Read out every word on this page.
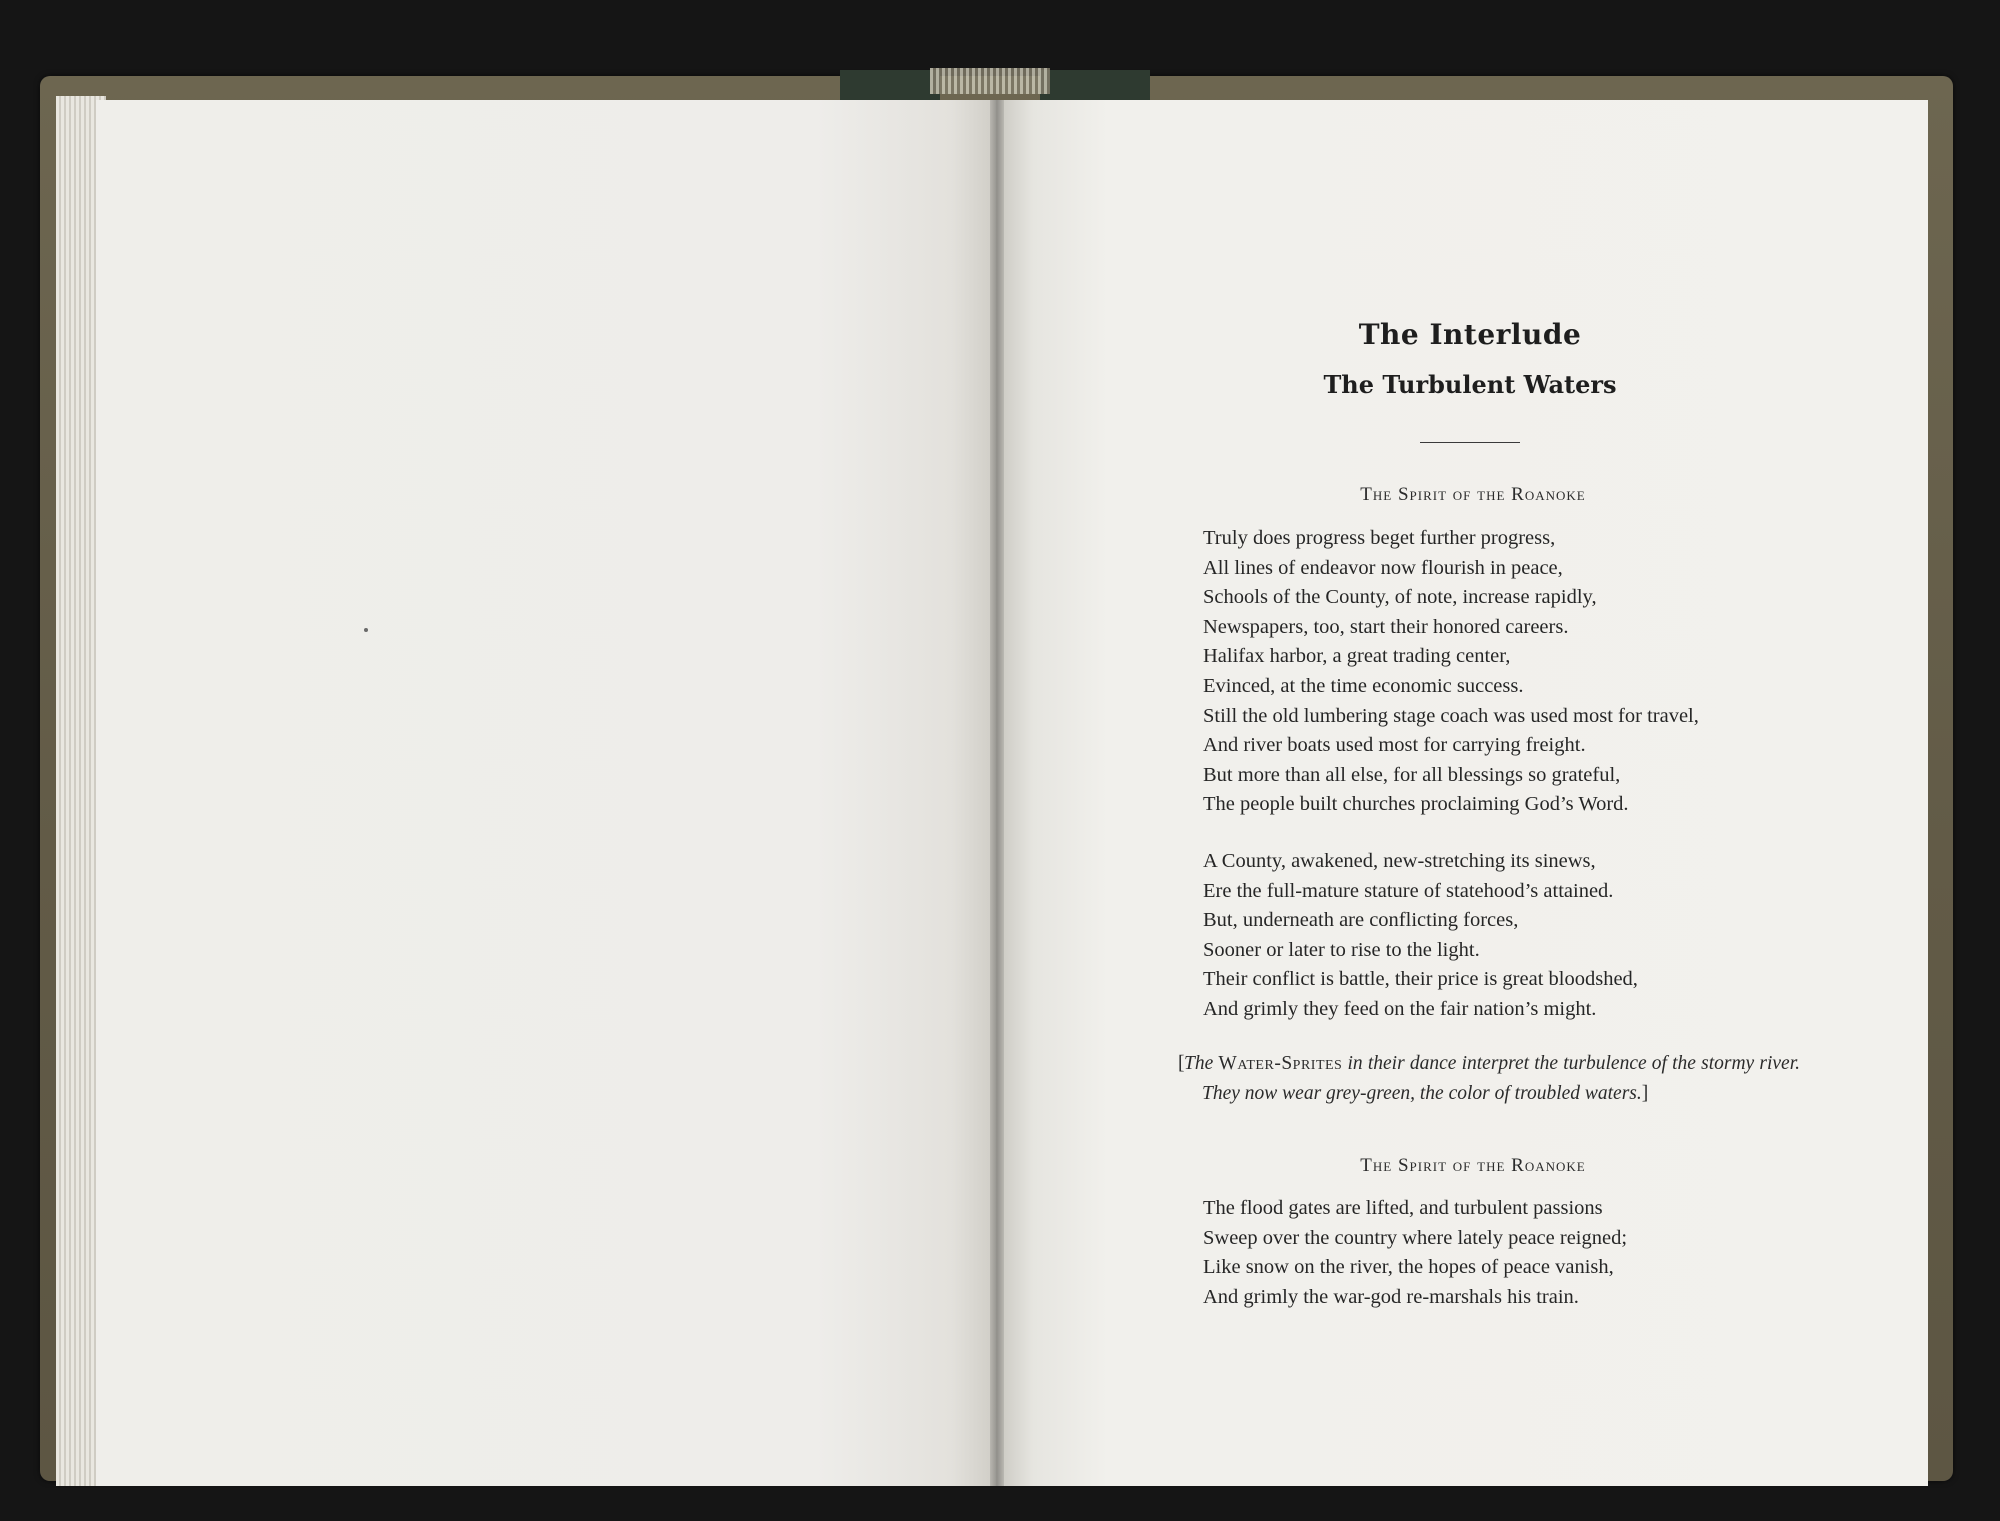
The Interlude
The Turbulent Waters
The Spirit of the Roanoke
Truly does progress beget further progress,
All lines of endeavor now flourish in peace,
Schools of the County, of note, increase rapidly,
Newspapers, too, start their honored careers.
Halifax harbor, a great trading center,
Evinced, at the time economic success.
Still the old lumbering stage coach was used most for travel,
And river boats used most for carrying freight.
But more than all else, for all blessings so grateful,
The people built churches proclaiming God’s Word.
A County, awakened, new-stretching its sinews,
Ere the full-mature stature of statehood’s attained.
But, underneath are conflicting forces,
Sooner or later to rise to the light.
Their conflict is battle, their price is great bloodshed,
And grimly they feed on the fair nation’s might.
[The Water-Sprites in their dance interpret the turbulence of the stormy river. They now wear grey-green, the color of troubled waters.]
The Spirit of the Roanoke
The flood gates are lifted, and turbulent passions
Sweep over the country where lately peace reigned;
Like snow on the river, the hopes of peace vanish,
And grimly the war-god re-marshals his train.
